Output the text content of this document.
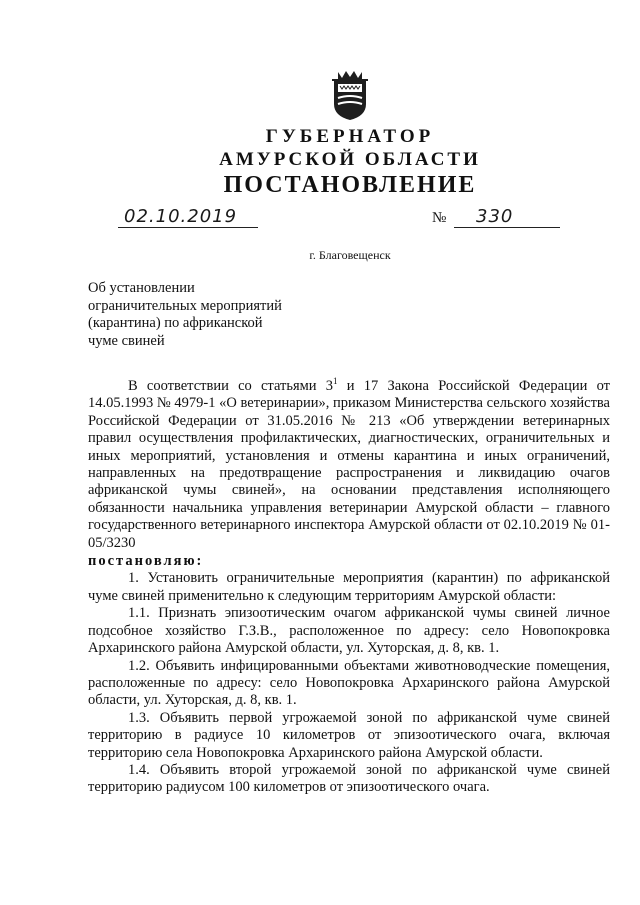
ГУБЕРНАТОР
АМУРСКОЙ ОБЛАСТИ
ПОСТАНОВЛЕНИЕ
02.10.2019	№ 330
г. Благовещенск
Об установлении
ограничительных мероприятий
(карантина) по африканской
чуме свиней

В соответствии со статьями $3^1$ и 17 Закона Российской Федерации от 14.05.1993 № 4979-1 «О ветеринарии», приказом Министерства сельского хозяйства Российской Федерации от 31.05.2016 № 213 «Об утверждении ветеринарных правил осуществления профилактических, диагностических, ограничительных и иных мероприятий, установления и отмены карантина и иных ограничений, направленных на предотвращение распространения и ликвидацию очагов африканской чумы свиней», на основании представления исполняющего обязанности начальника управления ветеринарии Амурской области – главного государственного ветеринарного инспектора Амурской области от 02.10.2019 № 01-05/3230

постановляю:

1. Установить ограничительные мероприятия (карантин) по африканской чуме свиней применительно к следующим территориям Амурской области:

1.1. Признать эпизоотическим очагом африканской чумы свиней личное подсобное хозяйство Г.З.В., расположенное по адресу: село Новопокровка Архаринского района Амурской области, ул. Хуторская, д. 8, кв. 1.

1.2. Объявить инфицированными объектами животноводческие помещения, расположенные по адресу: село Новопокровка Архаринского района Амурской области, ул. Хуторская, д. 8, кв. 1.

1.3. Объявить первой угрожаемой зоной по африканской чуме свиней территорию в радиусе 10 километров от эпизоотического очага, включая территорию села Новопокровка Архаринского района Амурской области.

1.4. Объявить второй угрожаемой зоной по африканской чуме свиней территорию радиусом 100 километров от эпизоотического очага.
